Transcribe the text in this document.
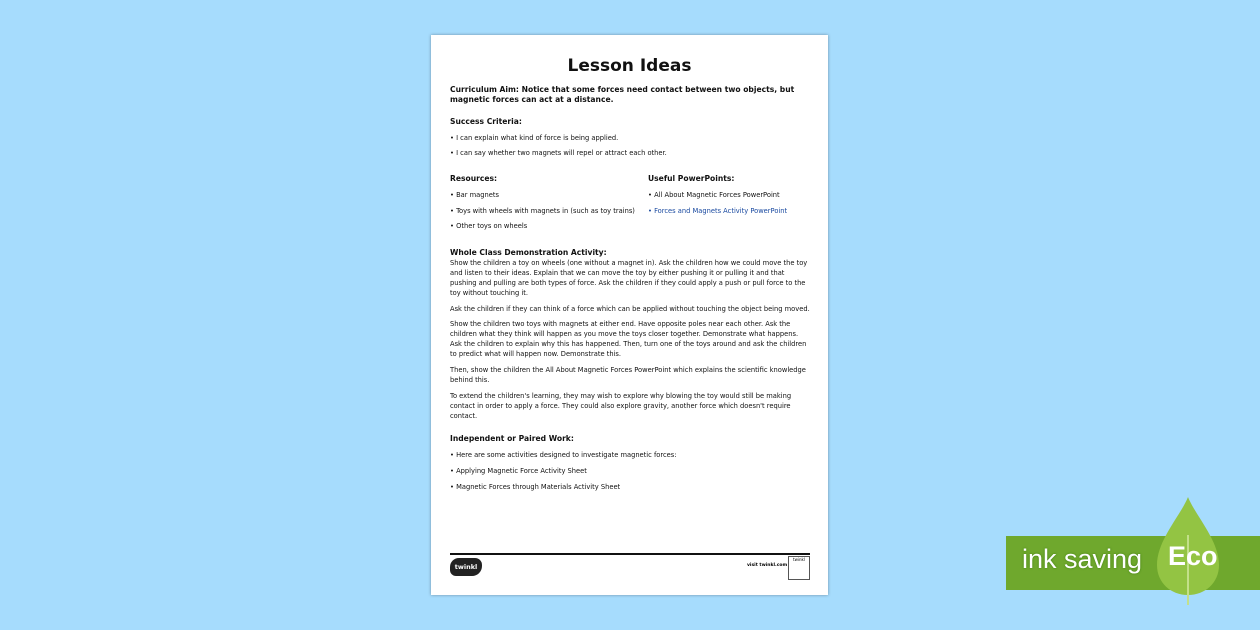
Lesson Ideas
Curriculum Aim: Notice that some forces need contact between two objects, but magnetic forces can act at a distance.
Success Criteria:
• I can explain what kind of force is being applied.
• I can say whether two magnets will repel or attract each other.
Resources:
• Bar magnets
• Toys with wheels with magnets in (such as toy trains)
• Other toys on wheels
Useful PowerPoints:
• All About Magnetic Forces PowerPoint
• Forces and Magnets Activity PowerPoint
Whole Class Demonstration Activity:
Show the children a toy on wheels (one without a magnet in). Ask the children how we could move the toy and listen to their ideas. Explain that we can move the toy by either pushing it or pulling it and that pushing and pulling are both types of force. Ask the children if they could apply a push or pull force to the toy without touching it.
Ask the children if they can think of a force which can be applied without touching the object being moved.
Show the children two toys with magnets at either end. Have opposite poles near each other. Ask the children what they think will happen as you move the toys closer together. Demonstrate what happens. Ask the children to explain why this has happened. Then, turn one of the toys around and ask the children to predict what will happen now. Demonstrate this.
Then, show the children the All About Magnetic Forces PowerPoint which explains the scientific knowledge behind this.
To extend the children's learning, they may wish to explore why blowing the toy would still be making contact in order to apply a force. They could also explore gravity, another force which doesn't require contact.
Independent or Paired Work:
• Here are some activities designed to investigate magnetic forces:
• Applying Magnetic Force Activity Sheet
• Magnetic Forces through Materials Activity Sheet
twinkl	visit twinkl.com
twinkl	ink saving Eco
